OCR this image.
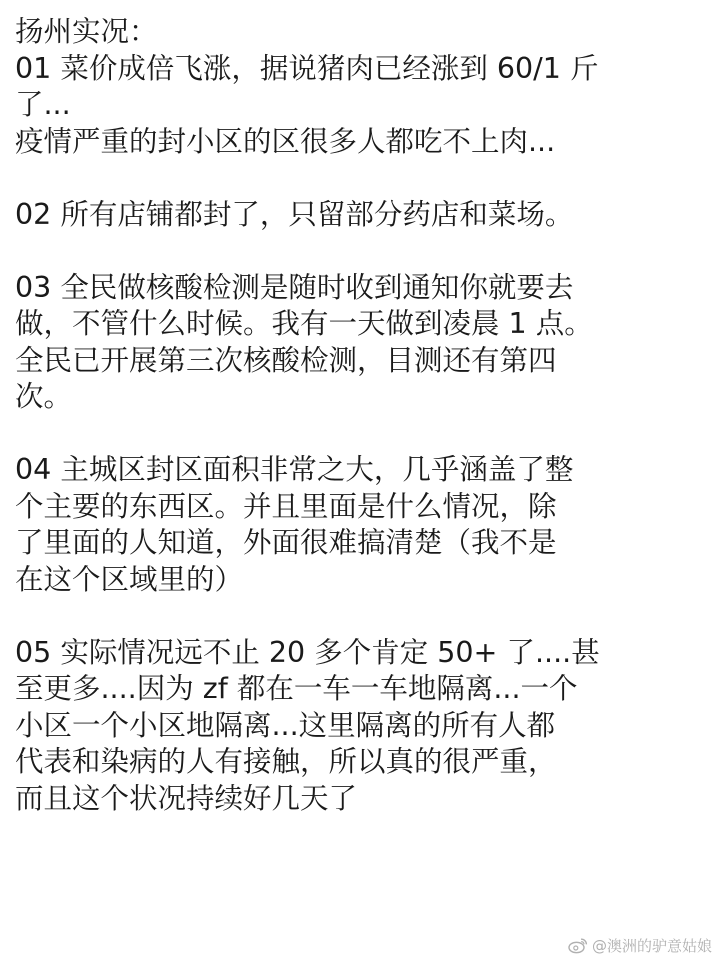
扬州实况：
01 菜价成倍飞涨，据说猪肉已经涨到 60/1 斤
了...
疫情严重的封小区的区很多人都吃不上肉...
02 所有店铺都封了，只留部分药店和菜场。
03 全民做核酸检测是随时收到通知你就要去
做，不管什么时候。我有一天做到凌晨 1 点。
全民已开展第三次核酸检测，目测还有第四
次。
04 主城区封区面积非常之大，几乎涵盖了整
个主要的东西区。并且里面是什么情况，除
了里面的人知道，外面很难搞清楚（我不是
在这个区域里的）
05 实际情况远不止 20 多个肯定 50+ 了....甚
至更多....因为 zf 都在一车一车地隔离...一个
小区一个小区地隔离...这里隔离的所有人都
代表和染病的人有接触，所以真的很严重，
而且这个状况持续好几天了
@澳洲的驴意姑娘
